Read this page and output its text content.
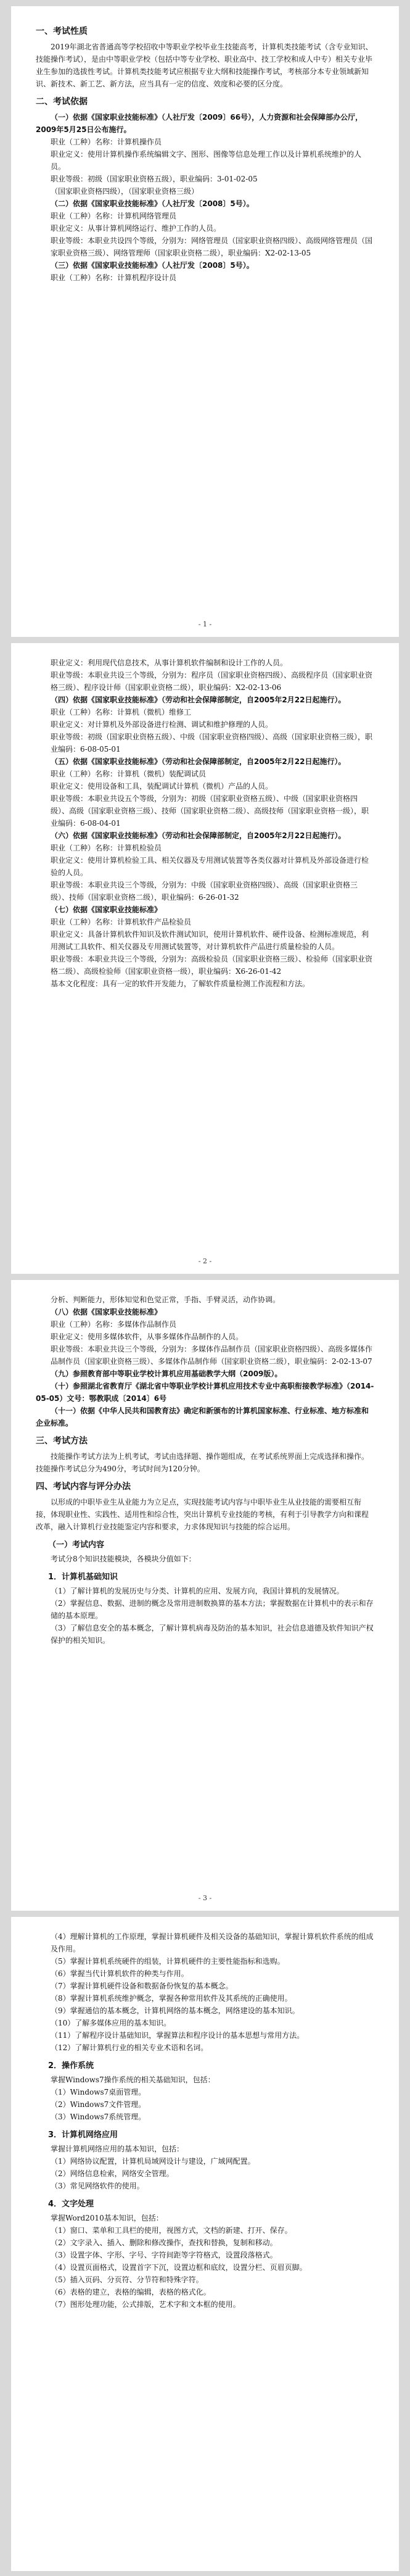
一、考试性质
2019年湖北省普通高等学校招收中等职业学校毕业生技能高考，计算机类技能考试（含专业知识、技能操作考试），是由中等职业学校（包括中等专业学校、职业高中、技工学校和成人中专）相关专业毕业生参加的选拔性考试。计算机类技能考试应根据专业大纲和技能操作考试，考核部分本专业领域新知识、新技术、新工艺、新方法，应当具有一定的信度、效度和必要的区分度。
二、考试依据
（一）依据《国家职业技能标准》（人社厅发〔2009〕66号），人力资源和社会保障部办公厅，2009年5月25日公布施行。
职业（工种）名称：计算机操作员
职业定义：使用计算机操作系统编辑文字、图形、图像等信息处理工作以及计算机系统维护的人员。
职业等级：初级（国家职业资格五级），职业编码：3-01-02-05
（国家职业资格四级），（国家职业资格三级）
（二）依据《国家职业技能标准》（人社厅发〔2008〕5号）。
职业（工种）名称：计算机网络管理员
职业定义：从事计算机网络运行、维护工作的人员。
职业等级：本职业共设四个等级，分别为：网络管理员（国家职业资格四级）、高级网络管理员（国家职业资格三级）、网络管理师（国家职业资格二级），职业编码：X2-02-13-05
（三）依据《国家职业技能标准》（人社厅发〔2008〕5号）。
职业（工种）名称：计算机程序设计员
- 1 -
职业定义：利用现代信息技术，从事计算机软件编制和设计工作的人员。
职业等级：本职业共设三个等级，分别为：程序员（国家职业资格四级）、高级程序员（国家职业资格三级）、程序设计师（国家职业资格二级），职业编码：X2-02-13-06
（四）依据《国家职业技能标准》（劳动和社会保障部制定，自2005年2月22日起施行）。
职业（工种）名称：计算机（微机）维修工
职业定义：对计算机及外部设备进行检测、调试和维护修理的人员。
职业等级：初级（国家职业资格五级）、中级（国家职业资格四级）、高级（国家职业资格三级），职业编码：6-08-05-01
（五）依据《国家职业技能标准》（劳动和社会保障部制定，自2005年2月22日起施行）。
职业（工种）名称：计算机（微机）装配调试员
职业定义：使用设备和工具，装配调试计算机（微机）产品的人员。
职业等级：本职业共设五个等级，分别为：初级（国家职业资格五级）、中级（国家职业资格四级）、高级（国家职业资格三级）、技师（国家职业资格二级）、高级技师（国家职业资格一级），职业编码：6-08-04-01
（六）依据《国家职业技能标准》（劳动和社会保障部制定，自2005年2月22日起施行）。
职业（工种）名称：计算机检验员
职业定义：使用计算机检验工具、相关仪器及专用测试装置等各类仪器对计算机及外部设备进行检验的人员。
职业等级：本职业共设三个等级，分别为：中级（国家职业资格四级）、高级（国家职业资格三级）、技师（国家职业资格二级），职业编码：6-26-01-32
（七）依据《国家职业技能标准》
职业（工种）名称：计算机软件产品检验员
职业定义：具备计算机软件知识及软件测试知识，使用计算机软件、硬件设备、检测标准规范，利用测试工具软件、相关仪器及专用测试装置等，对计算机软件产品进行质量检验的人员。
职业等级：本职业共设三个等级，分别为：高级检验员（国家职业资格三级）、检验师（国家职业资格二级）、高级检验师（国家职业资格一级），职业编码：X6-26-01-42
基本文化程度：具有一定的软件开发能力，了解软件质量检测工作流程和方法。
- 2 -
分析、判断能力，形体知觉和色觉正常，手指、手臂灵活，动作协调。
（八）依据《国家职业技能标准》
职业（工种）名称：多媒体作品制作员
职业定义：使用多媒体软件，从事多媒体作品制作的人员。
职业等级：本职业共设三个等级，分别为：多媒体作品制作员（国家职业资格四级）、高级多媒体作品制作员（国家职业资格三级）、多媒体作品制作师（国家职业资格二级），职业编码：2-02-13-07
（九）参照教育部中等职业学校计算机应用基础教学大纲（2009版）。
（十）参照湖北省教育厅《湖北省中等职业学校计算机应用技术专业中高职衔接教学标准》（2014-05-05）文号：鄂教职成〔2014〕6号
（十一）依据《中华人民共和国教育法》确定和新颁布的计算机国家标准、行业标准、地方标准和企业标准。
三、考试方法
技能操作考试方法为上机考试，考试由选择题、操作题组成，在考试系统界面上完成选择和操作。技能操作考试总分为490分，考试时间为120分钟。
四、考试内容与评分办法
以形成的中职毕业生从业能力为立足点，实现技能考试内容与中职毕业生从业技能的需要相互衔接，体现职业性、实践性、适用性和综合性，突出计算机专业技能的考核，有利于引导教学方向和课程改革，融入计算机行业技能鉴定内容和要求，力求体现知识与技能的综合运用。
（一）考试内容
考试分8个知识技能模块，各模块分值如下：
1．计算机基础知识
（1）了解计算机的发展历史与分类、计算机的应用、发展方向，我国计算机的发展情况。
（2）掌握信息、数据、进制的概念及常用进制数换算的基本方法；掌握数据在计算机中的表示和存储的基本原理。
（3）了解信息安全的基本概念，了解计算机病毒及防治的基本知识，社会信息道德及软件知识产权保护的相关知识。
- 3 -
（4）理解计算机的工作原理，掌握计算机硬件及相关设备的基础知识，掌握计算机软件系统的组成及作用。
（5）掌握计算机系统硬件的组装，计算机硬件的主要性能指标和选购。
（6）掌握当代计算机软件的种类与作用。
（7）掌握计算机硬件设备和数据备份恢复的基本概念。
（8）掌握计算机系统维护概念，掌握各种常用软件及其系统的正确使用。
（9）掌握通信的基本概念，计算机网络的基本概念，网络建设的基本知识。
（10）了解多媒体应用的基本知识。
（11）了解程序设计基础知识，掌握算法和程序设计的基本思想与常用方法。
（12）了解计算机行业的相关专业术语和名词。
2．操作系统
掌握Windows7操作系统的相关基础知识，包括：
（1）Windows7桌面管理。
（2）Windows7文件管理。
（3）Windows7系统管理。
3．计算机网络应用
掌握计算机网络应用的基本知识，包括：
（1）网络协议配置，计算机局域网设计与建设，广域网配置。
（2）网络信息检索，网络安全管理。
（3）常见网络软件的使用。
4．文字处理
掌握Word2010基本知识，包括：
（1）窗口、菜单和工具栏的使用，视图方式，文档的新建、打开、保存。
（2）文字录入、插入、删除和修改操作，查找和替换，复制和移动。
（3）设置字体、字形、字号、字符间距等字符格式，设置段落格式。
（4）设置页面格式，设置首字下沉，设置边框和底纹，设置分栏、页眉页脚。
（5）插入页码、分页符、分节符和特殊字符。
（6）表格的建立，表格的编辑，表格的格式化。
（7）图形处理功能，公式排版，艺术字和文本框的使用。
